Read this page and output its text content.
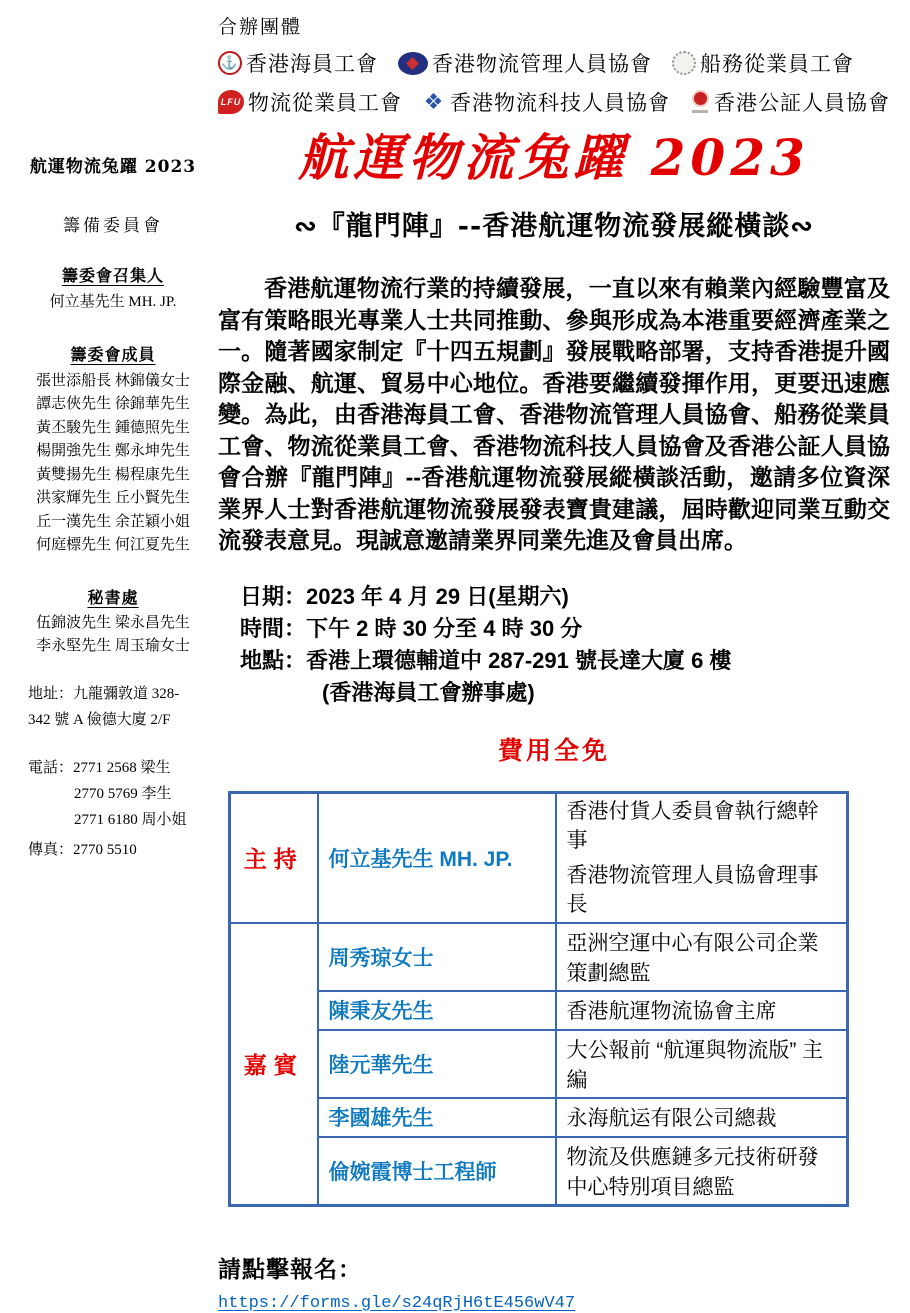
合辦團體
⚓
香港海員工會	香港物流管理人員協會 船務從業員工會
LFU 物流從業員工會 ❖ 香港物流科技人員協會 香港公証人員協會
航運物流兔躍 2023
籌備委員會
籌委會召集人
何立基先生 MH. JP.
籌委會成員
張世添船長 林錦儀女士
譚志俠先生 徐錦華先生
黃丕駿先生 鍾德照先生
楊開強先生 鄭永坤先生
黃雙揚先生 楊程康先生
洪家輝先生 丘小賢先生
丘一漢先生 余芷穎小姐
何庭標先生 何江夏先生
秘書處
伍錦波先生 梁永昌先生
李永堅先生 周玉瑜女士
地址：九龍彌敦道 328-
342 號 A 儉德大廈 2/F
電話：2771 2568 梁生
2770 5769 李生
2771 6180 周小姐
傳真：2770 5510
航運物流兔躍 2023
∾『龍門陣』--香港航運物流發展縱橫談∾

香港航運物流行業的持續發展，一直以來有賴業內經驗豐富及富有策略眼光專業人士共同推動、參與形成為本港重要經濟產業之一。隨著國家制定『十四五規劃』發展戰略部署，支持香港提升國際金融、航運、貿易中心地位。香港要繼續發揮作用，更要迅速應變。為此，由香港海員工會、香港物流管理人員協會、船務從業員工會、物流從業員工會、香港物流科技人員協會及香港公証人員協會合辦『龍門陣』--香港航運物流發展縱橫談活動，邀請多位資深業界人士對香港航運物流發展發表寶貴建議，屆時歡迎同業互動交流發表意見。現誠意邀請業界同業先進及會員出席。

日期：2023 年 4 月 29 日(星期六)
時間：下午 2 時 30 分至 4 時 30 分
地點：香港上環德輔道中 287-291 號長達大廈 6 樓
(香港海員工會辦事處)
費用全免
主持	何立基先生 MH. JP.	香港付貨人委員會執行總幹事
香港物流管理人員協會理事長

嘉賓	周秀琼女士	亞洲空運中心有限公司企業策劃總監
	陳秉友先生	香港航運物流協會主席
	陸元華先生	大公報前 “航運與物流版” 主編
	李國雄先生	永海航运有限公司總裁
	倫婉霞博士工程師	物流及供應鏈多元技術研發中心特別項目總監
請點擊報名：
https://forms.gle/s24qRjH6tE456wV47
